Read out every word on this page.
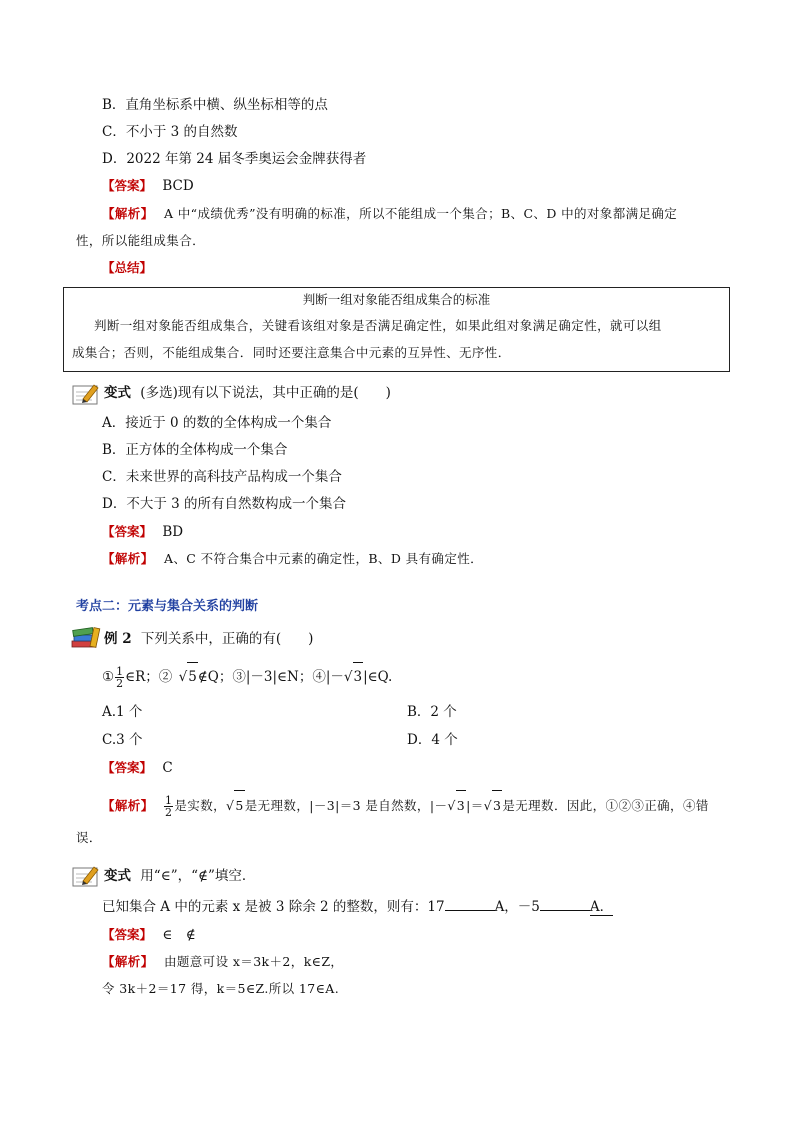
B．直角坐标系中横、纵坐标相等的点
C．不小于 3 的自然数
D．2022 年第 24 届冬季奥运会金牌获得者
【答案】 BCD
【解析】 A 中“成绩优秀”没有明确的标准，所以不能组成一个集合；B、C、D 中的对象都满足确定
性，所以能组成集合．
【总结】
判断一组对象能否组成集合的标准
判断一组对象能否组成集合，关键看该组对象是否满足确定性，如果此组对象满足确定性，就可以组
成集合；否则，不能组成集合．同时还要注意集合中元素的互异性、无序性．
变式 (多选)现有以下说法，其中正确的是(　　)
A．接近于 0 的数的全体构成一个集合
B．正方体的全体构成一个集合
C．未来世界的高科技产品构成一个集合
D．不大于 3 的所有自然数构成一个集合
【答案】 BD
【解析】 A、C 不符合集合中元素的确定性，B、D 具有确定性．
考点二：元素与集合关系的判断
例 2 下列关系中，正确的有(　　)
① $\frac{1}{2}$ ∈R；② √5∉Q；③|－3|∈N；④|－√3|∈Q.
A.1 个	B．2 个
C.3 个	D．4 个
【答案】 C
【解析】 $\frac{1}{2}$ 是实数，√5是无理数，|－3|＝3 是自然数，|－√3|＝√3是无理数．因此，①②③正确，④错
误．
变式 用“∈”，“∉”填空．
已知集合 A 中的元素 x 是被 3 除余 2 的整数，则有：17	A，－5	A．
【答案】 ∈　∉
【解析】 由题意可设 x＝3k＋2，k∈Z，
令 3k＋2＝17 得，k＝5∈Z.所以 17∈A.
